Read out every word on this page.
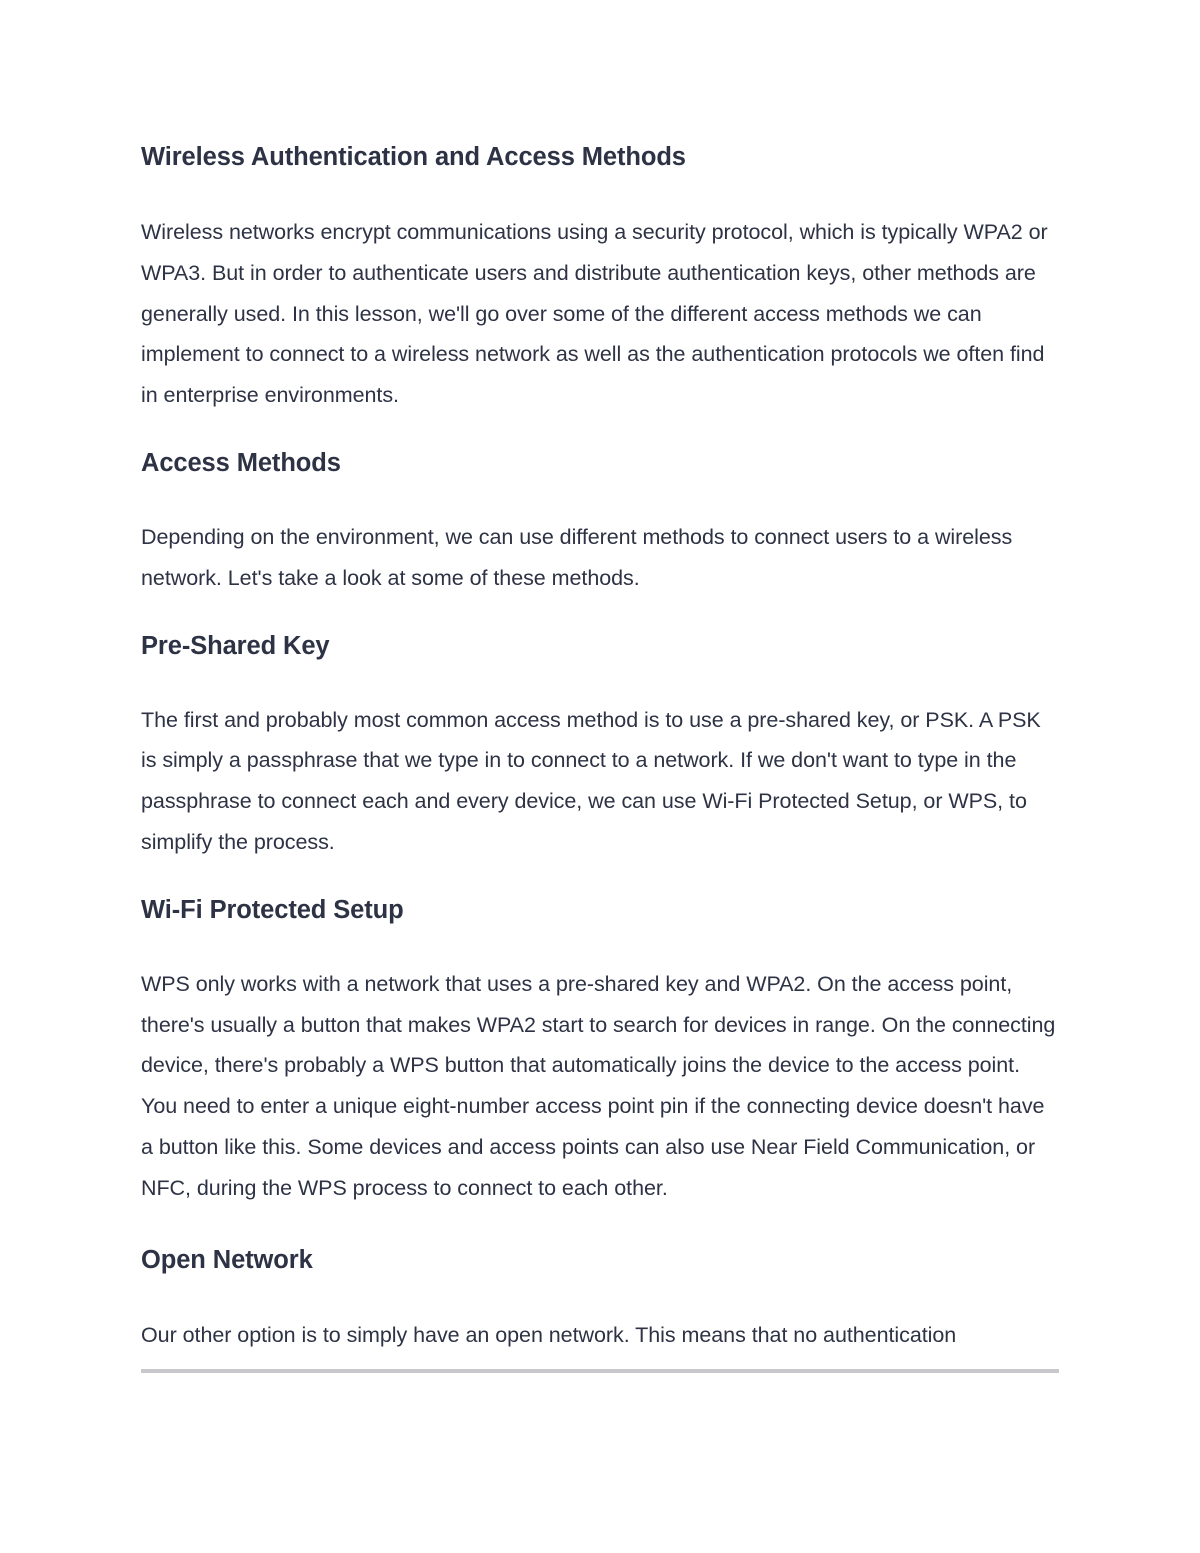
Wireless Authentication and Access Methods

Wireless networks encrypt communications using a security protocol, which is typically WPA2 or WPA3. But in order to authenticate users and distribute authentication keys, other methods are generally used. In this lesson, we'll go over some of the different access methods we can implement to connect to a wireless network as well as the authentication protocols we often find in enterprise environments.

Access Methods

Depending on the environment, we can use different methods to connect users to a wireless network. Let's take a look at some of these methods.

Pre-Shared Key

The first and probably most common access method is to use a pre-shared key, or PSK. A PSK is simply a passphrase that we type in to connect to a network. If we don't want to type in the passphrase to connect each and every device, we can use Wi-Fi Protected Setup, or WPS, to simplify the process.

Wi-Fi Protected Setup

WPS only works with a network that uses a pre-shared key and WPA2. On the access point, there's usually a button that makes WPA2 start to search for devices in range. On the connecting device, there's probably a WPS button that automatically joins the device to the access point. You need to enter a unique eight-number access point pin if the connecting device doesn't have a button like this. Some devices and access points can also use Near Field Communication, or NFC, during the WPS process to connect to each other.

Open Network

Our other option is to simply have an open network. This means that no authentication
